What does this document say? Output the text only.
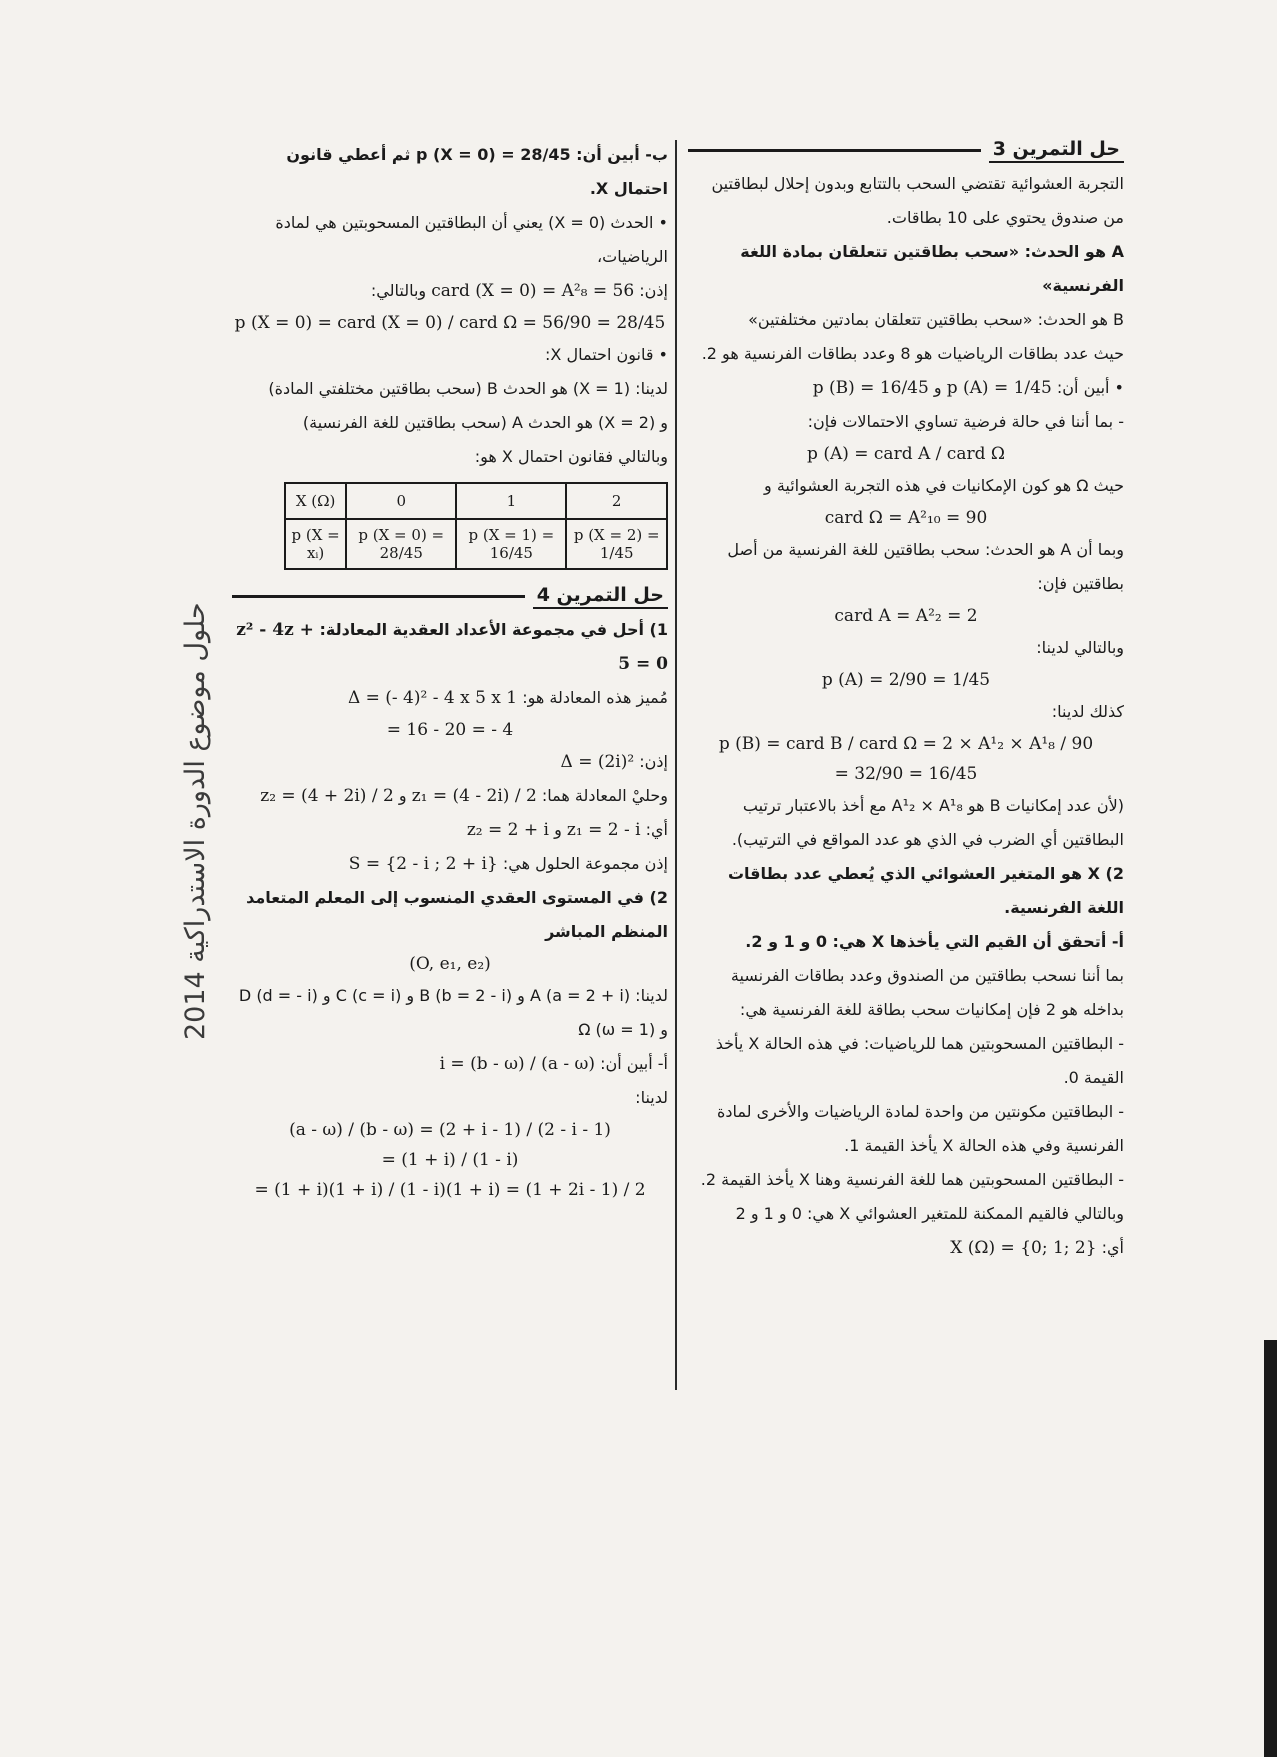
حلول موضوع الدورة الاستدراكية 2014
حل التمرين 3

التجربة العشوائية تقتضي السحب بالتتابع وبدون إحلال لبطاقتين من صندوق يحتوي على 10 بطاقات.

A هو الحدث: «سحب بطاقتين تتعلقان بمادة اللغة الفرنسية»

B هو الحدث: «سحب بطاقتين تتعلقان بمادتين مختلفتين»

حيث عدد بطاقات الرياضيات هو 8 وعدد بطاقات الفرنسية هو 2.

• أبين أن: p (A) = 1/45 و p (B) = 16/45

- بما أننا في حالة فرضية تساوي الاحتمالات فإن:

p (A) = card A / card Ω

حيث Ω هو كون الإمكانيات في هذه التجربة العشوائية و

card Ω = A²₁₀ = 90

وبما أن A هو الحدث: سحب بطاقتين للغة الفرنسية من أصل بطاقتين فإن:

card A = A²₂ = 2

وبالتالي لدينا:

p (A) = 2/90 = 1/45

كذلك لدينا:

p (B) = card B / card Ω = 2 × A¹₂ × A¹₈ / 90

= 32/90 = 16/45

(لأن عدد إمكانيات B هو A¹₂ × A¹₈ مع أخذ بالاعتبار ترتيب البطاقتين أي الضرب في الذي هو عدد المواقع في الترتيب).

2) X هو المتغير العشوائي الذي يُعطي عدد بطاقات اللغة الفرنسية.

أ- أتحقق أن القيم التي يأخذها X هي: 0 و 1 و 2.

بما أننا نسحب بطاقتين من الصندوق وعدد بطاقات الفرنسية بداخله هو 2 فإن إمكانيات سحب بطاقة للغة الفرنسية هي:

- البطاقتين المسحوبتين هما للرياضيات: في هذه الحالة X يأخذ القيمة 0.

- البطاقتين مكونتين من واحدة لمادة الرياضيات والأخرى لمادة الفرنسية وفي هذه الحالة X يأخذ القيمة 1.

- البطاقتين المسحوبتين هما للغة الفرنسية وهنا X يأخذ القيمة 2.

وبالتالي فالقيم الممكنة للمتغير العشوائي X هي: 0 و 1 و 2

أي: X (Ω) = {0; 1; 2}

ب- أبين أن: p (X = 0) = 28/45 ثم أعطي قانون احتمال X.

• الحدث (X = 0) يعني أن البطاقتين المسحوبتين هي لمادة الرياضيات،

إذن: card (X = 0) = A²₈ = 56 وبالتالي:

p (X = 0) = card (X = 0) / card Ω = 56/90 = 28/45

• قانون احتمال X:

لدينا: (X = 1) هو الحدث B (سحب بطاقتين مختلفتي المادة)

و (X = 2) هو الحدث A (سحب بطاقتين للغة الفرنسية)

وبالتالي فقانون احتمال X هو:

X (Ω)	0	1	2
p (X = xᵢ)	p (X = 0) = 28/45	p (X = 1) = 16/45	p (X = 2) = 1/45
حل التمرين 4

1) أحل في مجموعة الأعداد العقدية المعادلة: z² - 4z + 5 = 0

مُميز هذه المعادلة هو: Δ = (- 4)² - 4 x 5 x 1

= 16 - 20 = - 4

إذن: Δ = (2i)²

وحليْ المعادلة هما: z₁ = (4 - 2i) / 2 و z₂ = (4 + 2i) / 2

أي: z₁ = 2 - i و z₂ = 2 + i

إذن مجموعة الحلول هي: S = {2 - i ; 2 + i}

2) في المستوى العقدي المنسوب إلى المعلم المتعامد المنظم المباشر

(O, e₁, e₂)

لدينا: A (a = 2 + i) و B (b = 2 - i) و C (c = i) و D (d = - i)

و Ω (ω = 1)

أ- أبين أن: (a - ω) / (b - ω) = i

لدينا:

(a - ω) / (b - ω) = (2 + i - 1) / (2 - i - 1)

= (1 + i) / (1 - i)

= (1 + i)(1 + i) / (1 - i)(1 + i) = (1 + 2i - 1) / 2
